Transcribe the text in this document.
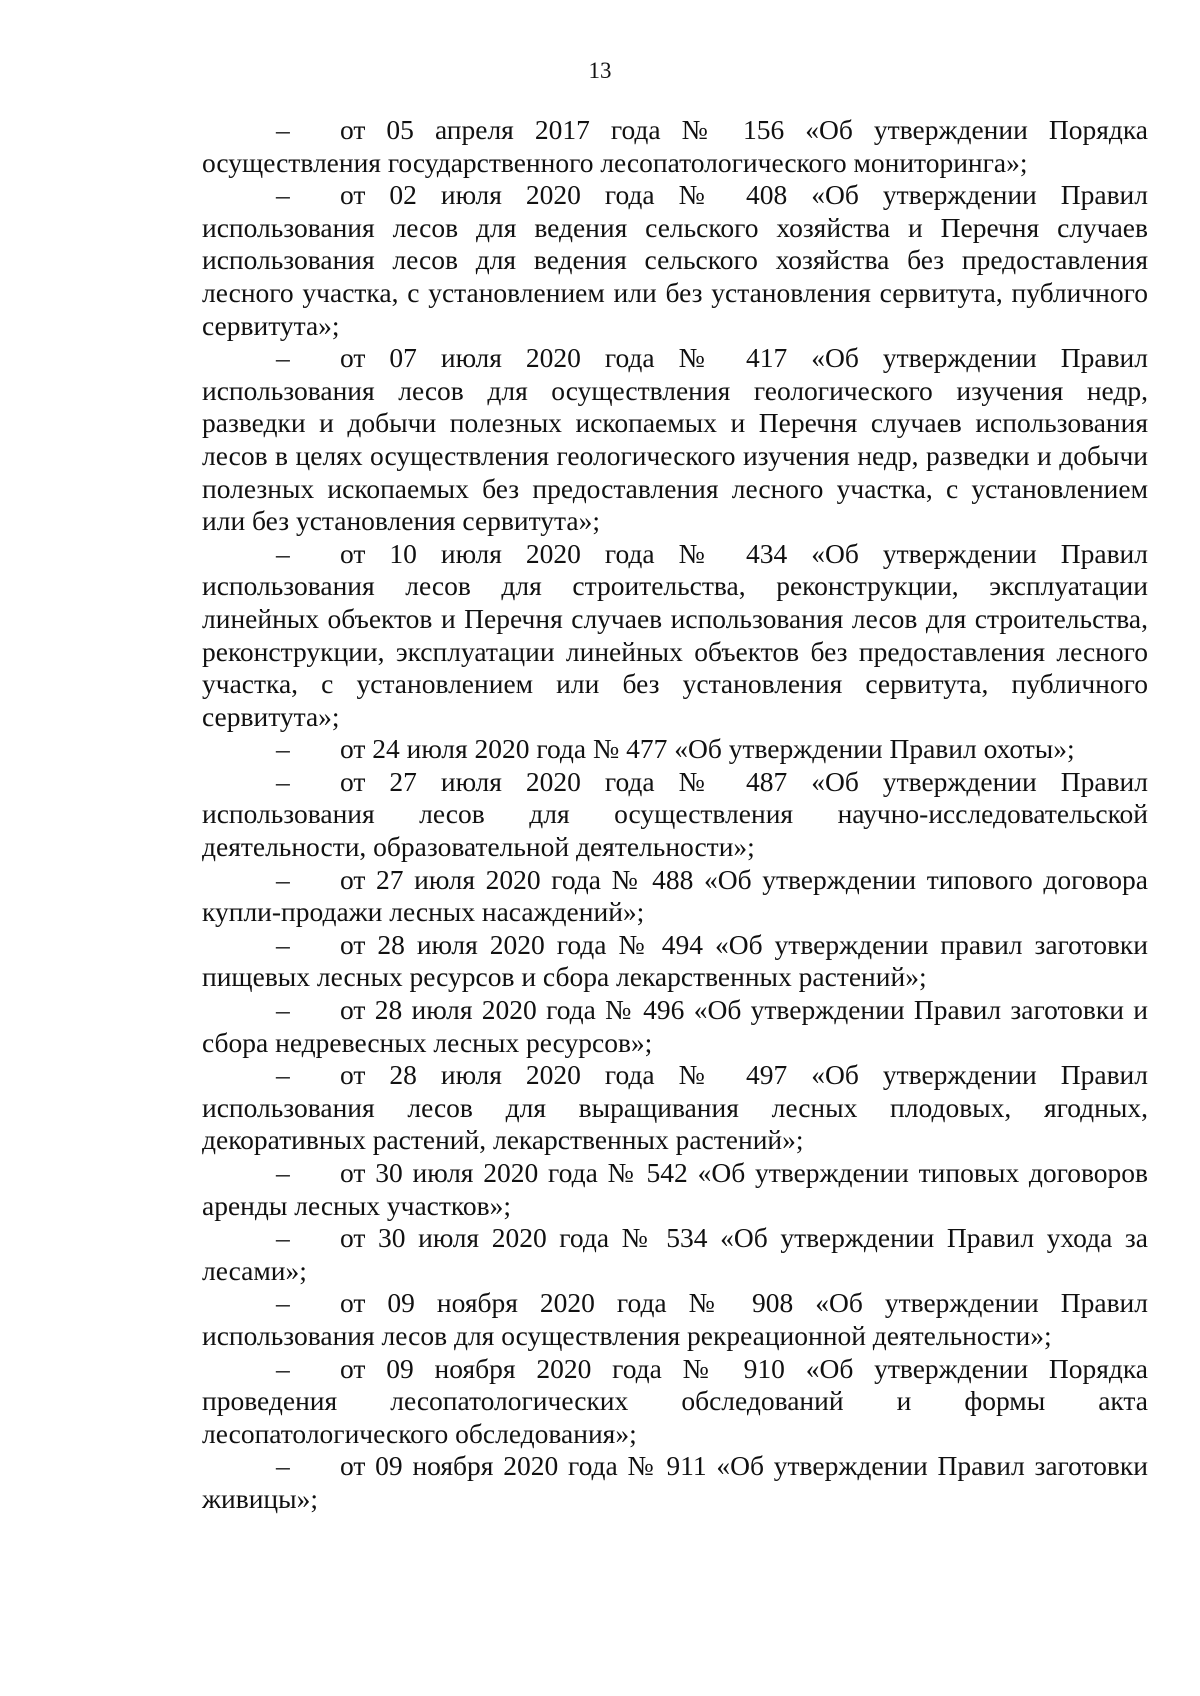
13

– от 05 апреля 2017 года № 156 «Об утверждении Порядка осуществления государственного лесопатологического мониторинга»;

– от 02 июля 2020 года № 408 «Об утверждении Правил использования лесов для ведения сельского хозяйства и Перечня случаев использования лесов для ведения сельского хозяйства без предоставления лесного участка, с установлением или без установления сервитута, публичного сервитута»;

– от 07 июля 2020 года № 417 «Об утверждении Правил использования лесов для осуществления геологического изучения недр, разведки и добычи полезных ископаемых и Перечня случаев использования лесов в целях осуществления геологического изучения недр, разведки и добычи полезных ископаемых без предоставления лесного участка, с установлением или без установления сервитута»;

– от 10 июля 2020 года № 434 «Об утверждении Правил использования лесов для строительства, реконструкции, эксплуатации линейных объектов и Перечня случаев использования лесов для строительства, реконструкции, эксплуатации линейных объектов без предоставления лесного участка, с установлением или без установления сервитута, публичного сервитута»;

– от 24 июля 2020 года № 477 «Об утверждении Правил охоты»;

– от 27 июля 2020 года № 487 «Об утверждении Правил использования лесов для осуществления научно-исследовательской деятельности, образовательной деятельности»;

– от 27 июля 2020 года № 488 «Об утверждении типового договора купли-продажи лесных насаждений»;

– от 28 июля 2020 года № 494 «Об утверждении правил заготовки пищевых лесных ресурсов и сбора лекарственных растений»;

– от 28 июля 2020 года № 496 «Об утверждении Правил заготовки и сбора недревесных лесных ресурсов»;

– от 28 июля 2020 года № 497 «Об утверждении Правил использования лесов для выращивания лесных плодовых, ягодных, декоративных растений, лекарственных растений»;

– от 30 июля 2020 года № 542 «Об утверждении типовых договоров аренды лесных участков»;

– от 30 июля 2020 года № 534 «Об утверждении Правил ухода за лесами»;

– от 09 ноября 2020 года № 908 «Об утверждении Правил использования лесов для осуществления рекреационной деятельности»;

– от 09 ноября 2020 года № 910 «Об утверждении Порядка проведения лесопатологических обследований и формы акта лесопатологического обследования»;

– от 09 ноября 2020 года № 911 «Об утверждении Правил заготовки живицы»;
